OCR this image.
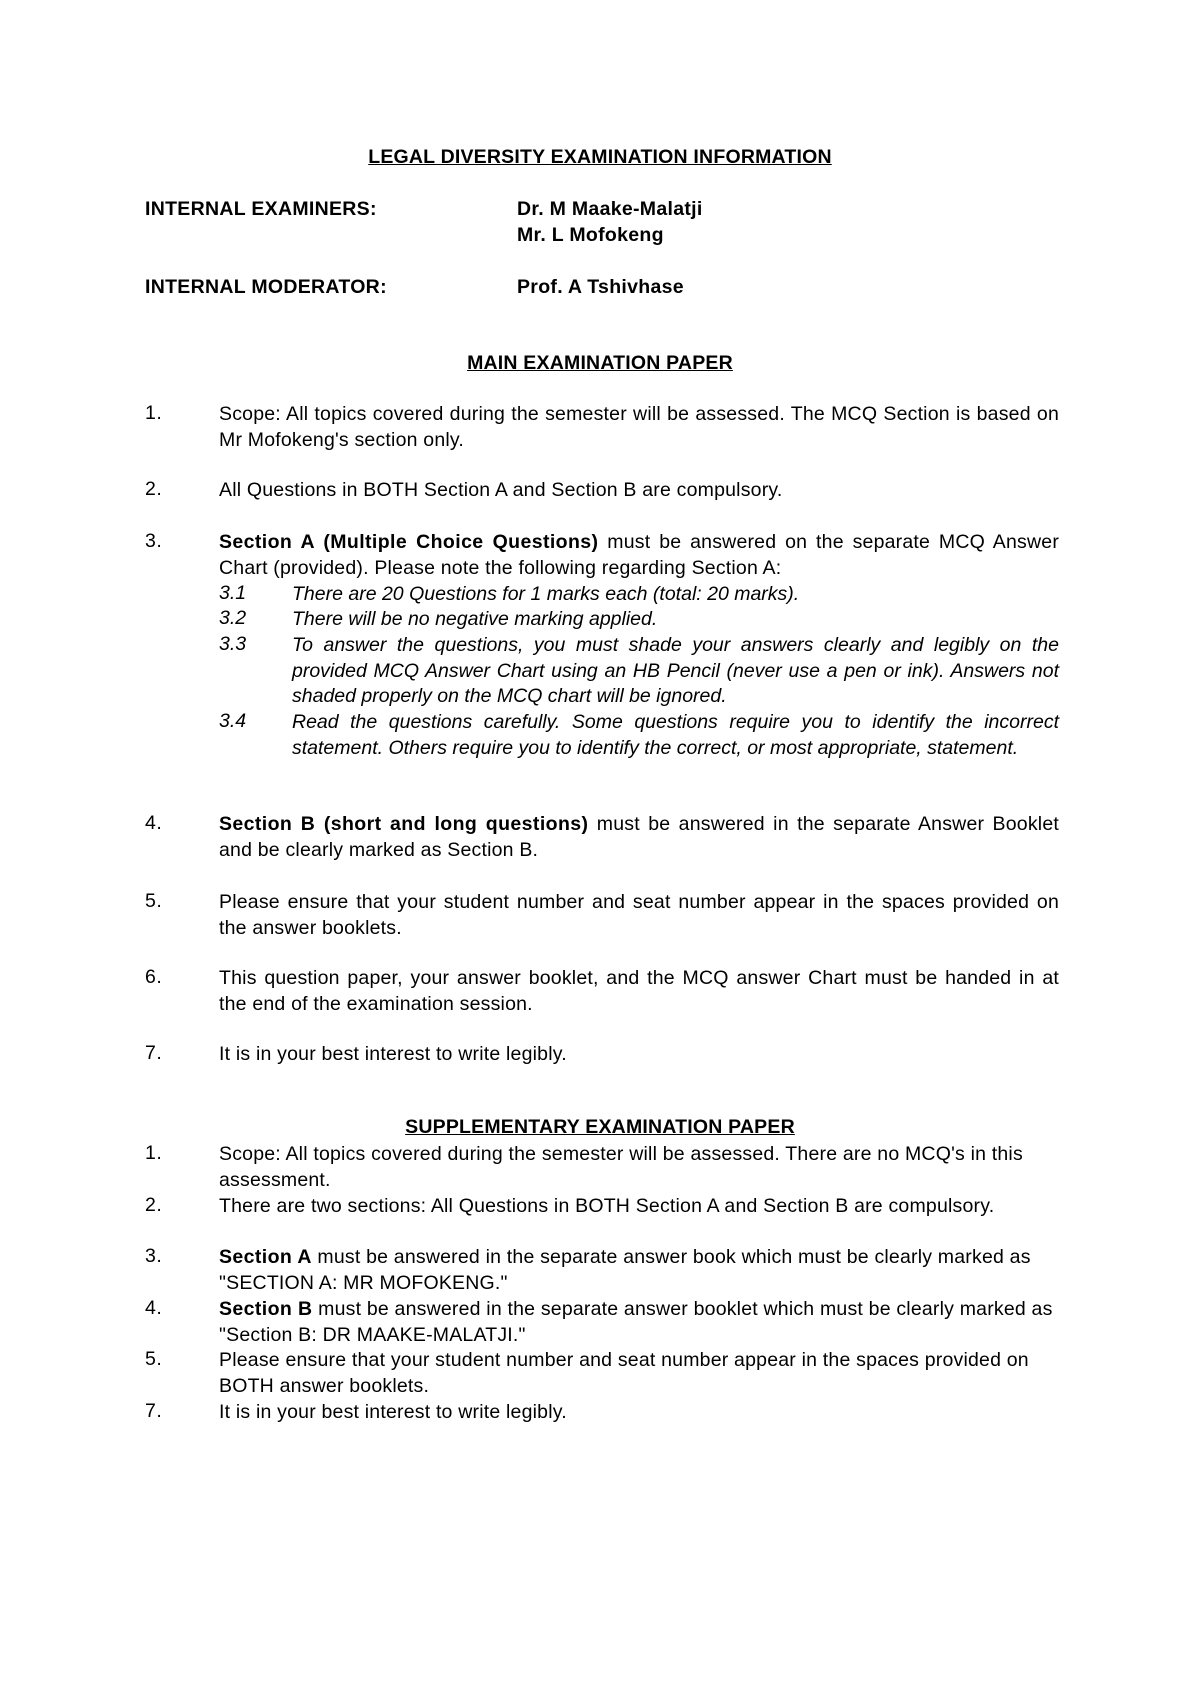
LEGAL DIVERSITY EXAMINATION INFORMATION
INTERNAL EXAMINERS:	Dr. M Maake-Malatji
Mr. L Mofokeng
INTERNAL MODERATOR:	Prof. A Tshivhase
MAIN EXAMINATION PAPER
1.	Scope: All topics covered during the semester will be assessed. The MCQ Section is based on Mr Mofokeng's section only.
2.	All Questions in BOTH Section A and Section B are compulsory.
3.	Section A (Multiple Choice Questions) must be answered on the separate MCQ Answer Chart (provided). Please note the following regarding Section A:
3.1 There are 20 Questions for 1 marks each (total: 20 marks).
3.2 There will be no negative marking applied.
3.3 To answer the questions, you must shade your answers clearly and legibly on the provided MCQ Answer Chart using an HB Pencil (never use a pen or ink). Answers not shaded properly on the MCQ chart will be ignored.
3.4 Read the questions carefully. Some questions require you to identify the incorrect statement. Others require you to identify the correct, or most appropriate, statement.
4.	Section B (short and long questions) must be answered in the separate Answer Booklet and be clearly marked as Section B.
5.	Please ensure that your student number and seat number appear in the spaces provided on the answer booklets.
6.	This question paper, your answer booklet, and the MCQ answer Chart must be handed in at the end of the examination session.
7.	It is in your best interest to write legibly.
SUPPLEMENTARY EXAMINATION PAPER
1.	Scope: All topics covered during the semester will be assessed. There are no MCQ's in this assessment.
2.	There are two sections: All Questions in BOTH Section A and Section B are compulsory.
3.	Section A must be answered in the separate answer book which must be clearly marked as "SECTION A: MR MOFOKENG."
4.	Section B must be answered in the separate answer booklet which must be clearly marked as "Section B: DR MAAKE-MALATJI."
5.	Please ensure that your student number and seat number appear in the spaces provided on BOTH answer booklets.
7.	It is in your best interest to write legibly.
